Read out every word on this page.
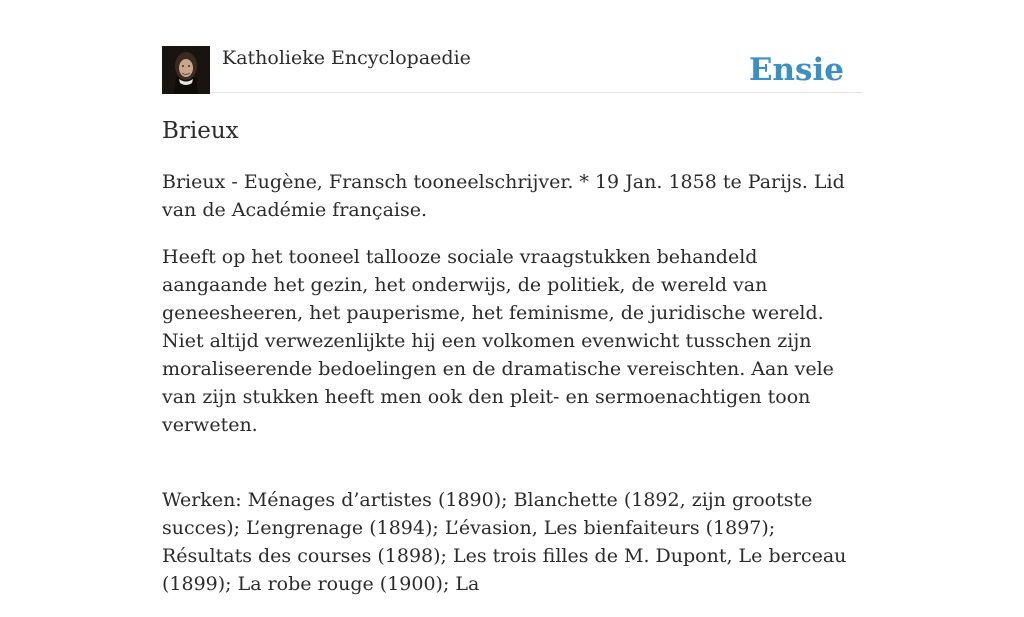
Katholieke Encyclopaedie	Ensie
Brieux

Brieux - Eugène, Fransch tooneelschrijver. * 19 Jan. 1858 te Parijs. Lid van de Académie française.

Heeft op het tooneel tallooze sociale vraagstukken behandeld aangaande het gezin, het onderwijs, de politiek, de wereld van geneesheeren, het pauperisme, het feminisme, de juridische wereld. Niet altijd verwezenlijkte hij een volkomen evenwicht tusschen zijn moraliseerende bedoelingen en de dramatische vereischten. Aan vele van zijn stukken heeft men ook den pleit- en sermoenachtigen toon verweten.

Werken: Ménages d’artistes (1890); Blanchette (1892, zijn grootste succes); L’engrenage (1894); L’évasion, Les bienfaiteurs (1897); Résultats des courses (1898); Les trois filles de M. Dupont, Le berceau (1899); La robe rouge (1900); La
